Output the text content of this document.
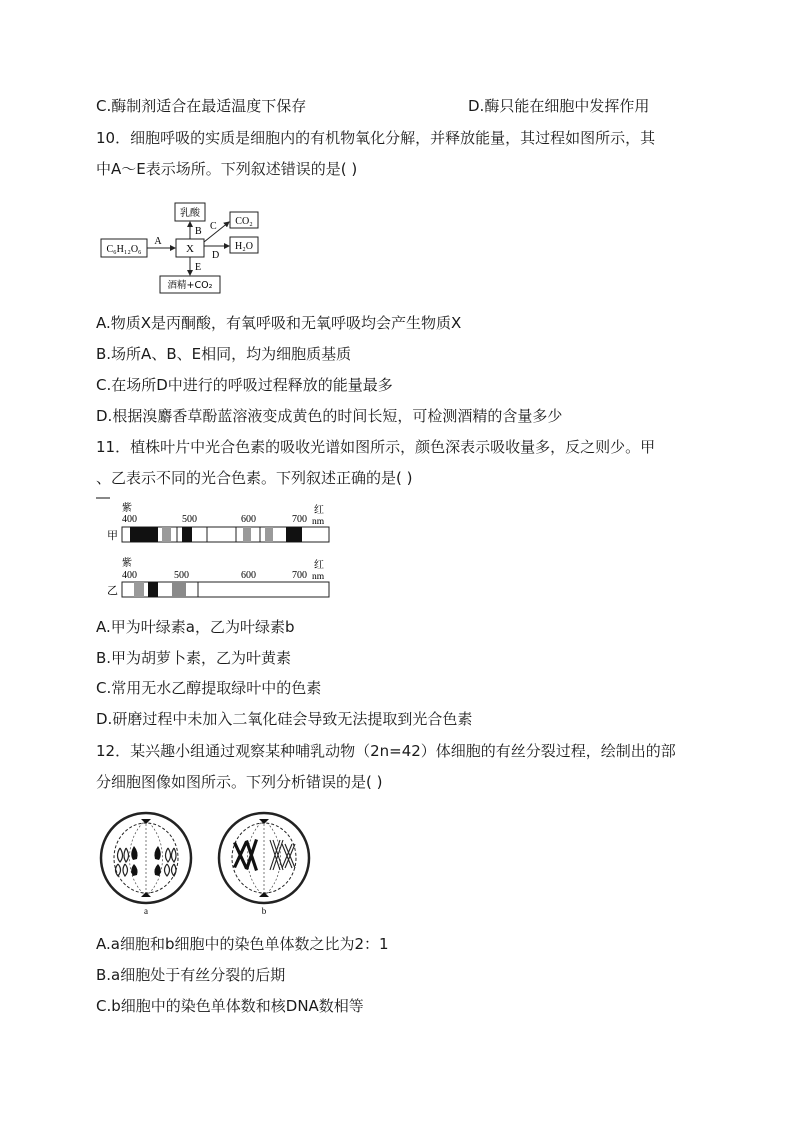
C.酶制剂适合在最适温度下保存	D.酶只能在细胞中发挥作用
10．细胞呼吸的实质是细胞内的有机物氧化分解，并释放能量，其过程如图所示，其
中A～E表示场所。下列叙述错误的是( )
C₆H₁₂O₆	X
乳酸
CO₂
H₂O
酒精+CO₂
A
B C
D
E
A.物质X是丙酮酸，有氧呼吸和无氧呼吸均会产生物质X
B.场所A、B、E相同，均为细胞质基质
C.在场所D中进行的呼吸过程释放的能量最多
D.根据溴麝香草酚蓝溶液变成黄色的时间长短，可检测酒精的含量多少
11．植株叶片中光合色素的吸收光谱如图所示，颜色深表示吸收量多，反之则少。甲
、乙表示不同的光合色素。下列叙述正确的是( )
紫
400	500	600	700
红
nm
甲
紫
400	500	600	700
红
nm
乙
A.甲为叶绿素a，乙为叶绿素b
B.甲为胡萝卜素，乙为叶黄素
C.常用无水乙醇提取绿叶中的色素
D.研磨过程中未加入二氧化硅会导致无法提取到光合色素
12．某兴趣小组通过观察某种哺乳动物（2n=42）体细胞的有丝分裂过程，绘制出的部
分细胞图像如图所示。下列分析错误的是( )
a	b
A.a细胞和b细胞中的染色单体数之比为2：1
B.a细胞处于有丝分裂的后期
C.b细胞中的染色单体数和核DNA数相等
